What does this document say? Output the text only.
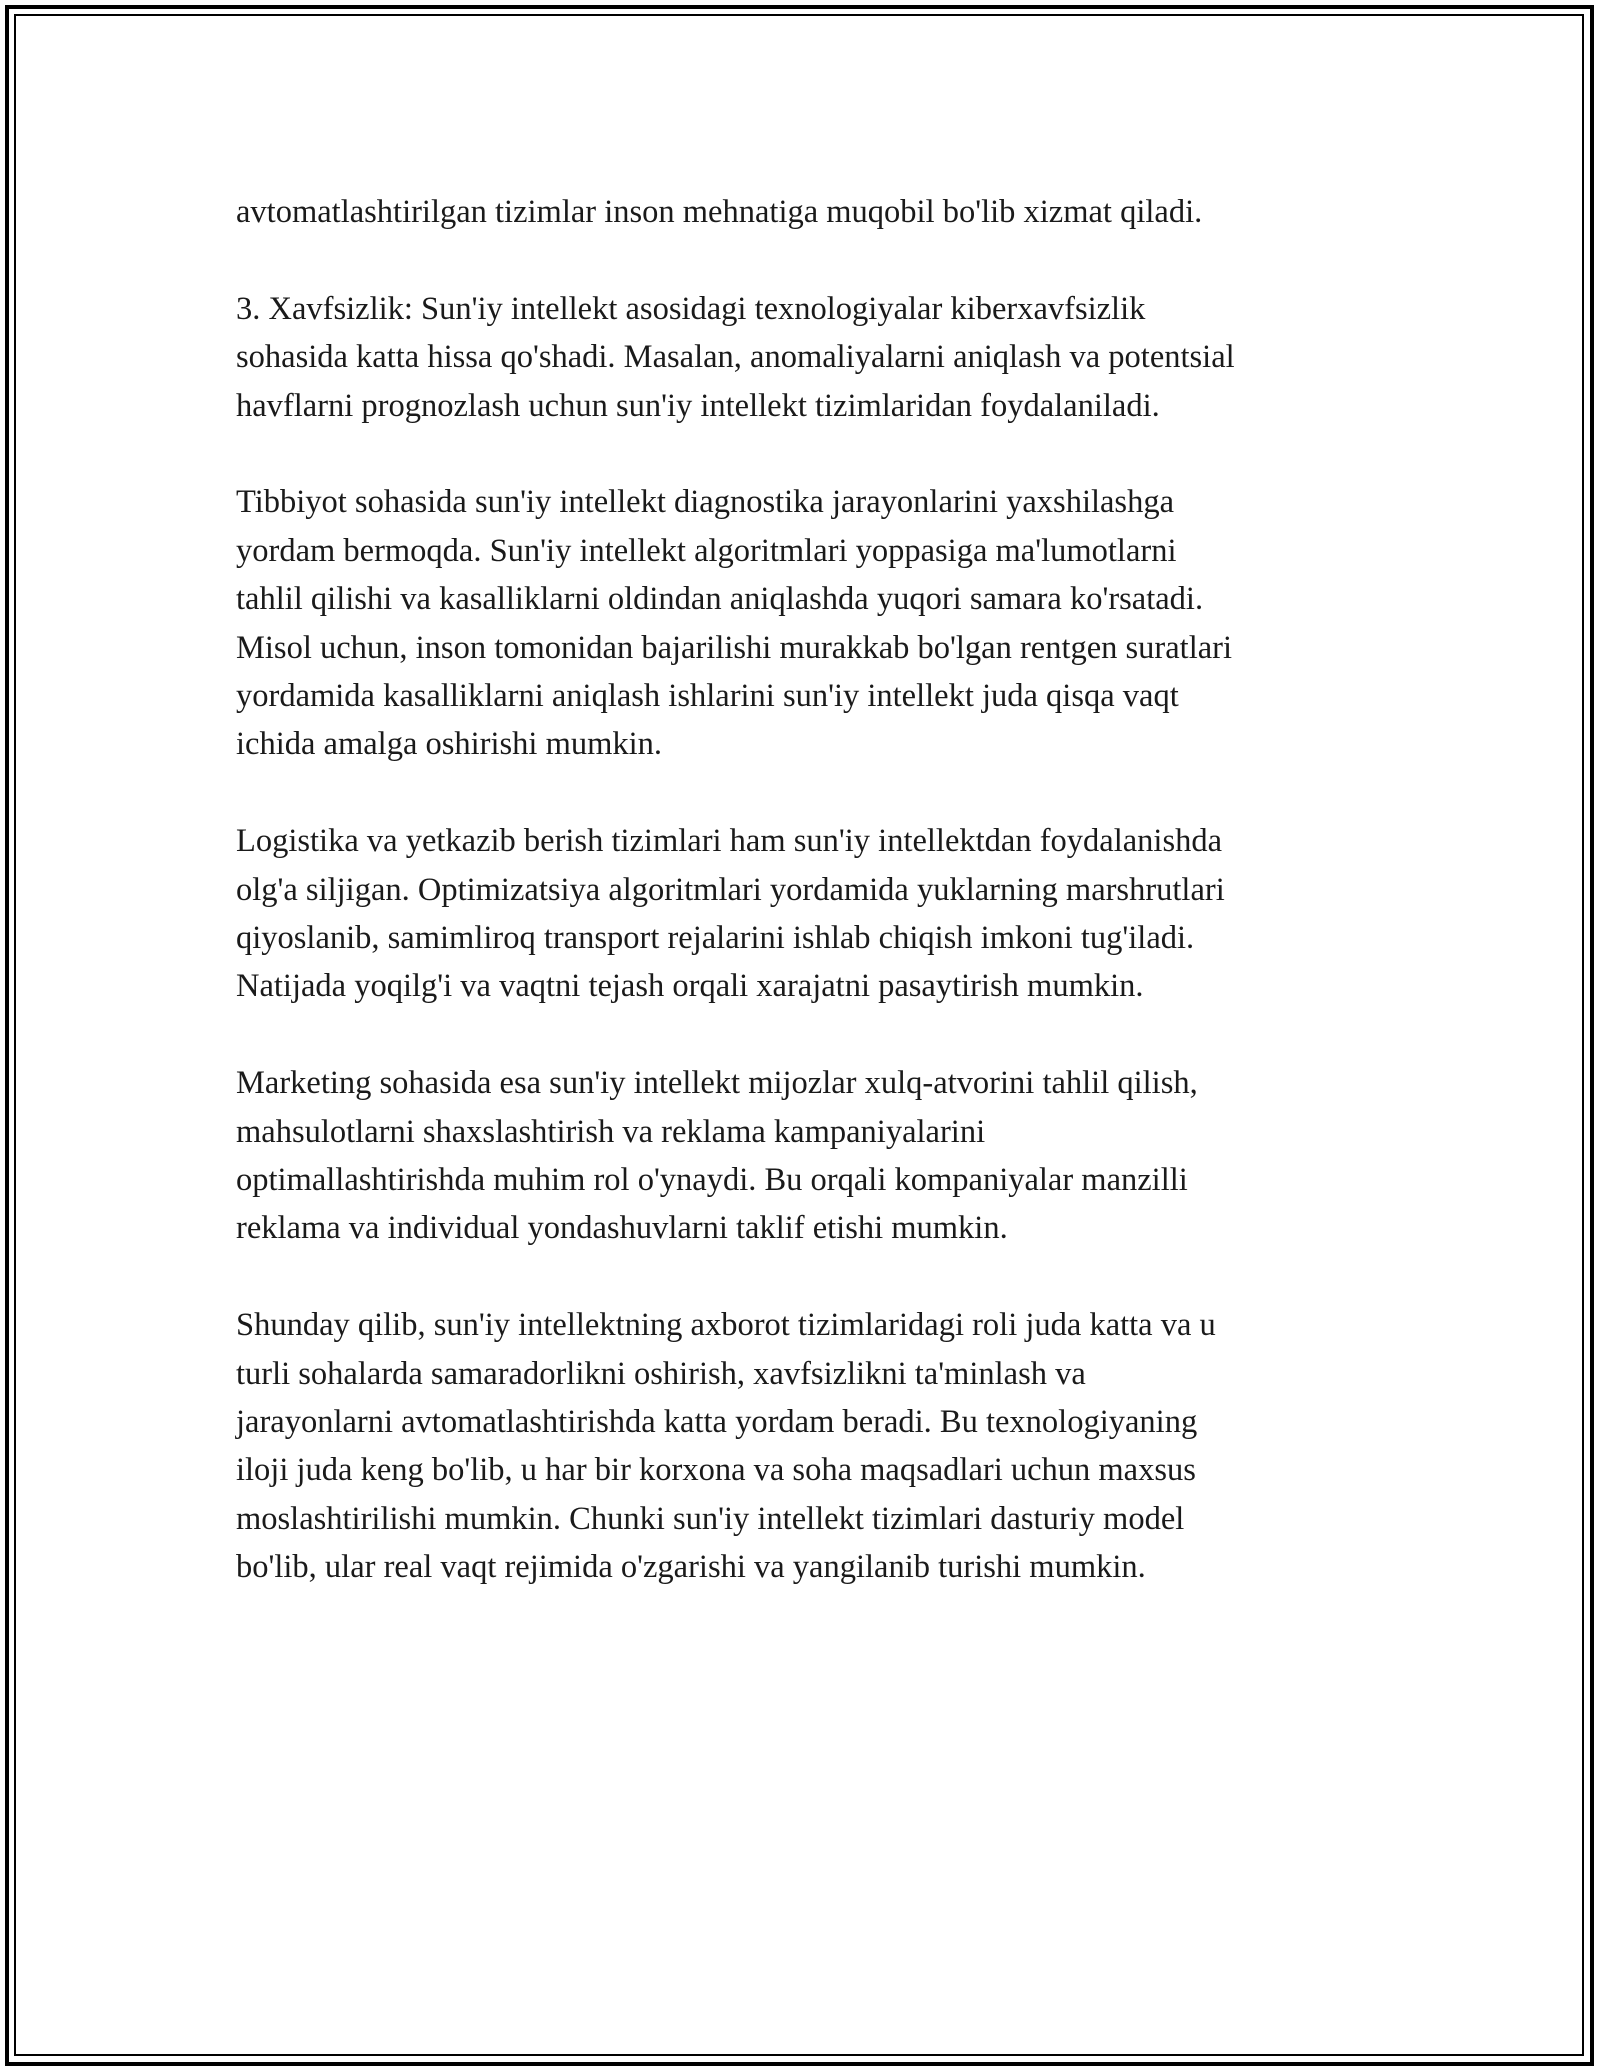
avtomatlashtirilgan tizimlar inson mehnatiga muqobil bo'lib xizmat qiladi.

3. Xavfsizlik: Sun'iy intellekt asosidagi texnologiyalar kiberxavfsizlik
sohasida katta hissa qo'shadi. Masalan, anomaliyalarni aniqlash va potentsial
havflarni prognozlash uchun sun'iy intellekt tizimlaridan foydalaniladi.

Tibbiyot sohasida sun'iy intellekt diagnostika jarayonlarini yaxshilashga
yordam bermoqda. Sun'iy intellekt algoritmlari yoppasiga ma'lumotlarni
tahlil qilishi va kasalliklarni oldindan aniqlashda yuqori samara ko'rsatadi.
Misol uchun, inson tomonidan bajarilishi murakkab bo'lgan rentgen suratlari
yordamida kasalliklarni aniqlash ishlarini sun'iy intellekt juda qisqa vaqt
ichida amalga oshirishi mumkin.

Logistika va yetkazib berish tizimlari ham sun'iy intellektdan foydalanishda
olg'a siljigan. Optimizatsiya algoritmlari yordamida yuklarning marshrutlari
qiyoslanib, samimliroq transport rejalarini ishlab chiqish imkoni tug'iladi.
Natijada yoqilg'i va vaqtni tejash orqali xarajatni pasaytirish mumkin.

Marketing sohasida esa sun'iy intellekt mijozlar xulq-atvorini tahlil qilish,
mahsulotlarni shaxslashtirish va reklama kampaniyalarini
optimallashtirishda muhim rol o'ynaydi. Bu orqali kompaniyalar manzilli
reklama va individual yondashuvlarni taklif etishi mumkin.

Shunday qilib, sun'iy intellektning axborot tizimlaridagi roli juda katta va u
turli sohalarda samaradorlikni oshirish, xavfsizlikni ta'minlash va
jarayonlarni avtomatlashtirishda katta yordam beradi. Bu texnologiyaning
iloji juda keng bo'lib, u har bir korxona va soha maqsadlari uchun maxsus
moslashtirilishi mumkin. Chunki sun'iy intellekt tizimlari dasturiy model
bo'lib, ular real vaqt rejimida o'zgarishi va yangilanib turishi mumkin.
